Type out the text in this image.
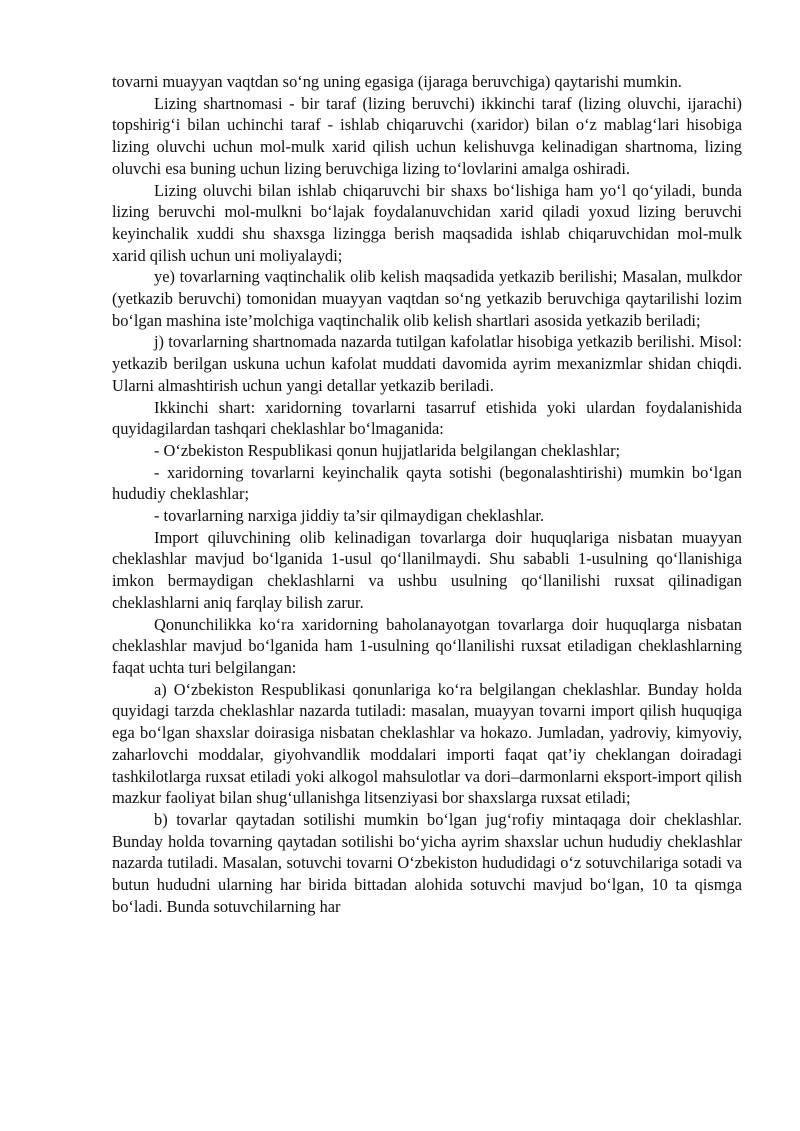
tovarni muayyan vaqtdan so‘ng uning egasiga (ijaraga beruvchiga) qaytarishi mumkin.

Lizing shartnomasi - bir taraf (lizing beruvchi) ikkinchi taraf (lizing oluvchi, ijarachi) topshirig‘i bilan uchinchi taraf - ishlab chiqaruvchi (xaridor) bilan o‘z mablag‘lari hisobiga lizing oluvchi uchun mol-mulk xarid qilish uchun kelishuvga kelinadigan shartnoma, lizing oluvchi esa buning uchun lizing beruvchiga lizing to‘lovlarini amalga oshiradi.

Lizing oluvchi bilan ishlab chiqaruvchi bir shaxs bo‘lishiga ham yo‘l qo‘yiladi, bunda lizing beruvchi mol-mulkni bo‘lajak foydalanuvchidan xarid qiladi yoxud lizing beruvchi keyinchalik xuddi shu shaxsga lizingga berish maqsadida ishlab chiqaruvchidan mol-mulk xarid qilish uchun uni moliyalaydi;

ye) tovarlarning vaqtinchalik olib kelish maqsadida yetkazib berilishi; Masalan, mulkdor (yetkazib beruvchi) tomonidan muayyan vaqtdan so‘ng yetkazib beruvchiga qaytarilishi lozim bo‘lgan mashina iste’molchiga vaqtinchalik olib kelish shartlari asosida yetkazib beriladi;

j) tovarlarning shartnomada nazarda tutilgan kafolatlar hisobiga yetkazib berilishi. Misol: yetkazib berilgan uskuna uchun kafolat muddati davomida ayrim mexanizmlar shidan chiqdi. Ularni almashtirish uchun yangi detallar yetkazib beriladi.

Ikkinchi shart: xaridorning tovarlarni tasarruf etishida yoki ulardan foydalanishida quyidagilardan tashqari cheklashlar bo‘lmaganida:

- O‘zbekiston Respublikasi qonun hujjatlarida belgilangan cheklashlar;

- xaridorning tovarlarni keyinchalik qayta sotishi (begonalashtirishi) mumkin bo‘lgan hududiy cheklashlar;

- tovarlarning narxiga jiddiy ta’sir qilmaydigan cheklashlar.

Import qiluvchining olib kelinadigan tovarlarga doir huquqlariga nisbatan muayyan cheklashlar mavjud bo‘lganida 1-usul qo‘llanilmaydi. Shu sababli 1-usulning qo‘llanishiga imkon bermaydigan cheklashlarni va ushbu usulning qo‘llanilishi ruxsat qilinadigan cheklashlarni aniq farqlay bilish zarur.

Qonunchilikka ko‘ra xaridorning baholanayotgan tovarlarga doir huquqlarga nisbatan cheklashlar mavjud bo‘lganida ham 1-usulning qo‘llanilishi ruxsat etiladigan cheklashlarning faqat uchta turi belgilangan:

a) O‘zbekiston Respublikasi qonunlariga ko‘ra belgilangan cheklashlar. Bunday holda quyidagi tarzda cheklashlar nazarda tutiladi: masalan, muayyan tovarni import qilish huquqiga ega bo‘lgan shaxslar doirasiga nisbatan cheklashlar va hokazo. Jumladan, yadroviy, kimyoviy, zaharlovchi moddalar, giyohvandlik moddalari importi faqat qat’iy cheklangan doiradagi tashkilotlarga ruxsat etiladi yoki alkogol mahsulotlar va dori–darmonlarni eksport-import qilish mazkur faoliyat bilan shug‘ullanishga litsenziyasi bor shaxslarga ruxsat etiladi;

b) tovarlar qaytadan sotilishi mumkin bo‘lgan jug‘rofiy mintaqaga doir cheklashlar. Bunday holda tovarning qaytadan sotilishi bo‘yicha ayrim shaxslar uchun hududiy cheklashlar nazarda tutiladi. Masalan, sotuvchi tovarni O‘zbekiston hududidagi o‘z sotuvchilariga sotadi va butun hududni ularning har birida bittadan alohida sotuvchi mavjud bo‘lgan, 10 ta qismga bo‘ladi. Bunda sotuvchilarning har
